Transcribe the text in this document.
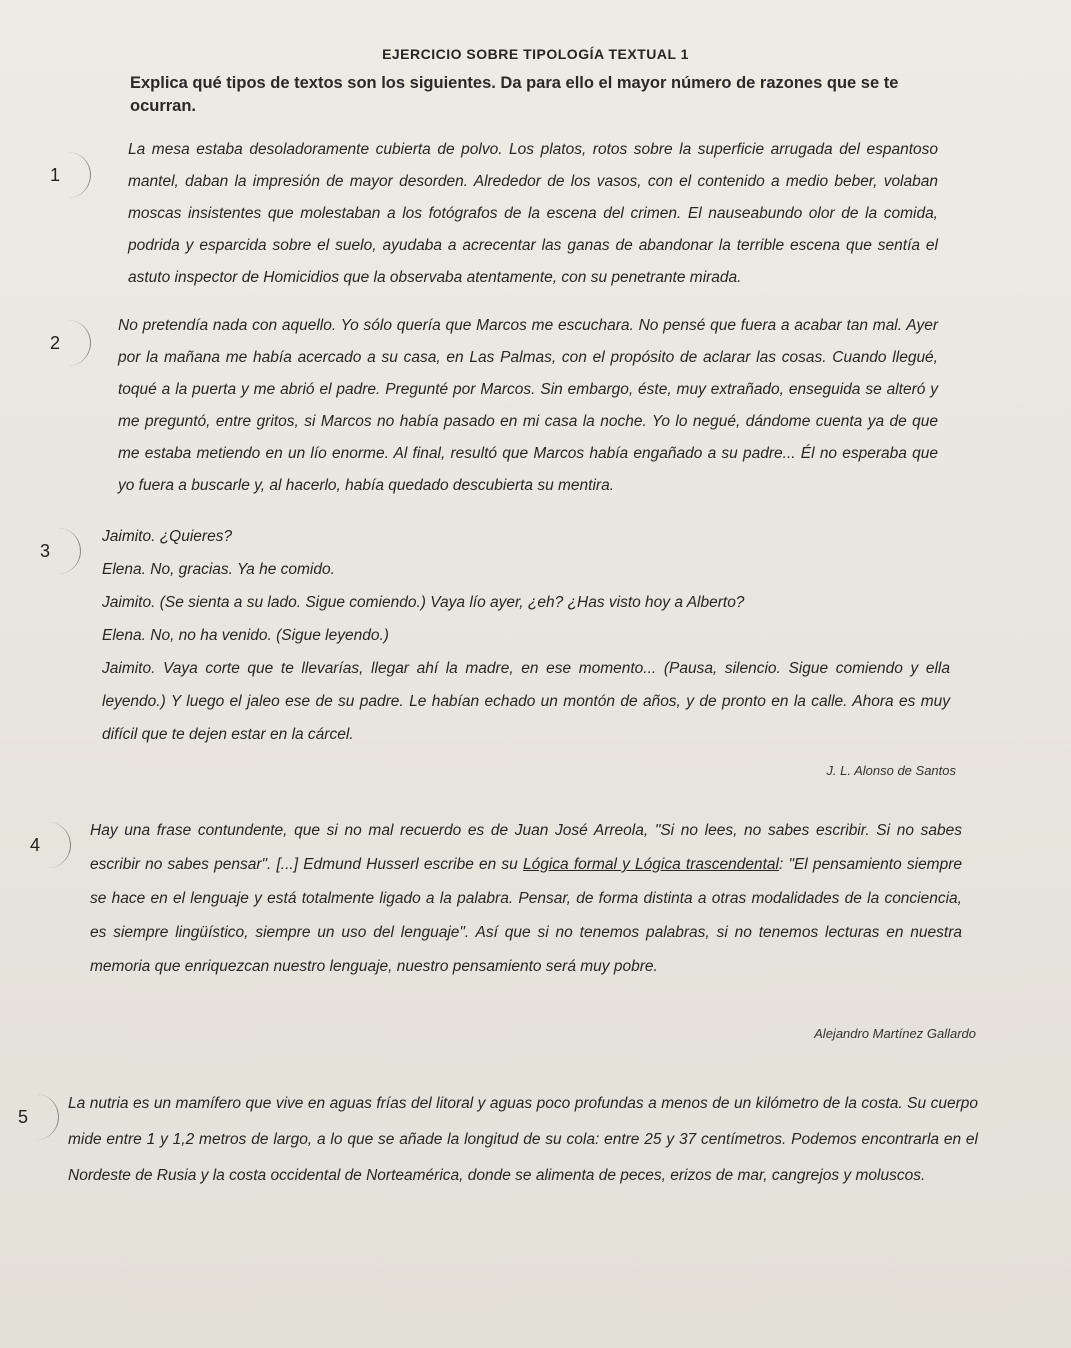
EJERCICIO SOBRE TIPOLOGÍA TEXTUAL 1
Explica qué tipos de textos son los siguientes. Da para ello el mayor número de razones que se te ocurran.
1

La mesa estaba desoladoramente cubierta de polvo. Los platos, rotos sobre la superficie arrugada del espantoso mantel, daban la impresión de mayor desorden. Alrededor de los vasos, con el contenido a medio beber, volaban moscas insistentes que molestaban a los fotógrafos de la escena del crimen. El nauseabundo olor de la comida, podrida y esparcida sobre el suelo, ayudaba a acrecentar las ganas de abandonar la terrible escena que sentía el astuto inspector de Homicidios que la observaba atentamente, con su penetrante mirada.

2

No pretendía nada con aquello. Yo sólo quería que Marcos me escuchara. No pensé que fuera a acabar tan mal. Ayer por la mañana me había acercado a su casa, en Las Palmas, con el propósito de aclarar las cosas. Cuando llegué, toqué a la puerta y me abrió el padre. Pregunté por Marcos. Sin embargo, éste, muy extrañado, enseguida se alteró y me preguntó, entre gritos, si Marcos no había pasado en mi casa la noche. Yo lo negué, dándome cuenta ya de que me estaba metiendo en un lío enorme. Al final, resultó que Marcos había engañado a su padre... Él no esperaba que yo fuera a buscarle y, al hacerlo, había quedado descubierta su mentira.

3

Jaimito. ¿Quieres?

Elena. No, gracias. Ya he comido.

Jaimito. (Se sienta a su lado. Sigue comiendo.) Vaya lío ayer, ¿eh? ¿Has visto hoy a Alberto?

Elena. No, no ha venido. (Sigue leyendo.)

Jaimito. Vaya corte que te llevarías, llegar ahí la madre, en ese momento... (Pausa, silencio. Sigue comiendo y ella leyendo.) Y luego el jaleo ese de su padre. Le habían echado un montón de años, y de pronto en la calle. Ahora es muy difícil que te dejen estar en la cárcel.

J. L. Alonso de Santos
4

Hay una frase contundente, que si no mal recuerdo es de Juan José Arreola, "Si no lees, no sabes escribir. Si no sabes escribir no sabes pensar". [...] Edmund Husserl escribe en su Lógica formal y Lógica trascendental: "El pensamiento siempre se hace en el lenguaje y está totalmente ligado a la palabra. Pensar, de forma distinta a otras modalidades de la conciencia, es siempre lingüístico, siempre un uso del lenguaje". Así que si no tenemos palabras, si no tenemos lecturas en nuestra memoria que enriquezcan nuestro lenguaje, nuestro pensamiento será muy pobre.

Alejandro Martínez Gallardo
5

La nutria es un mamífero que vive en aguas frías del litoral y aguas poco profundas a menos de un kilómetro de la costa. Su cuerpo mide entre 1 y 1,2 metros de largo, a lo que se añade la longitud de su cola: entre 25 y 37 centímetros. Podemos encontrarla en el Nordeste de Rusia y la costa occidental de Norteamérica, donde se alimenta de peces, erizos de mar, cangrejos y moluscos.
